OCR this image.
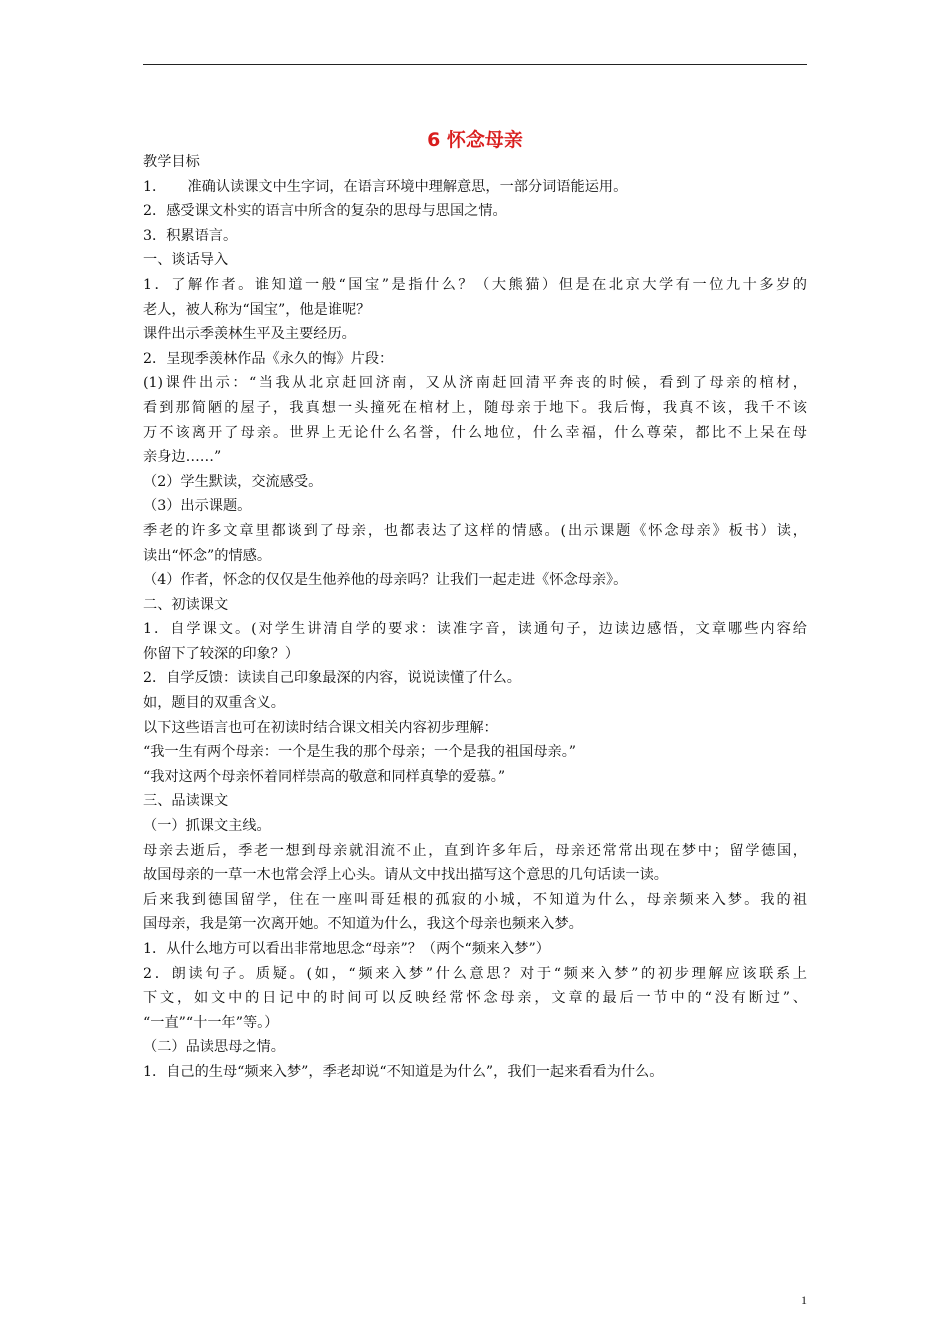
6 怀念母亲
教学目标
1．　　准确认读课文中生字词，在语言环境中理解意思，一部分词语能运用。
2．感受课文朴实的语言中所含的复杂的思母与思国之情。
3．积累语言。
一、谈话导入
1．了解作者。谁知道一般“国宝”是指什么？（大熊猫）但是在北京大学有一位九十多岁的
老人，被人称为“国宝”，他是谁呢？
课件出示季羡林生平及主要经历。
2．呈现季羡林作品《永久的悔》片段：
(1)课件出示：“当我从北京赶回济南，又从济南赶回清平奔丧的时候，看到了母亲的棺材，
看到那简陋的屋子，我真想一头撞死在棺材上，随母亲于地下。我后悔，我真不该，我千不该
万不该离开了母亲。世界上无论什么名誉，什么地位，什么幸福，什么尊荣，都比不上呆在母
亲身边……”
（2）学生默读，交流感受。
（3）出示课题。
季老的许多文章里都谈到了母亲，也都表达了这样的情感。(出示课题《怀念母亲》板书）读，
读出“怀念”的情感。
（4）作者，怀念的仅仅是生他养他的母亲吗？让我们一起走进《怀念母亲》。
二、初读课文
1．自学课文。(对学生讲清自学的要求：读准字音，读通句子，边读边感悟，文章哪些内容给
你留下了较深的印象？）
2．自学反馈：读读自己印象最深的内容，说说读懂了什么。
如，题目的双重含义。
以下这些语言也可在初读时结合课文相关内容初步理解：
“我一生有两个母亲：一个是生我的那个母亲；一个是我的祖国母亲。”
“我对这两个母亲怀着同样崇高的敬意和同样真挚的爱慕。”
三、品读课文
（一）抓课文主线。
母亲去逝后，季老一想到母亲就泪流不止，直到许多年后，母亲还常常出现在梦中；留学德国，
故国母亲的一草一木也常会浮上心头。请从文中找出描写这个意思的几句话读一读。
后来我到德国留学，住在一座叫哥廷根的孤寂的小城，不知道为什么，母亲频来入梦。我的祖
国母亲，我是第一次离开她。不知道为什么，我这个母亲也频来入梦。
1．从什么地方可以看出非常地思念“母亲”？（两个“频来入梦”）
2．朗读句子。质疑。(如，“频来入梦”什么意思？对于“频来入梦”的初步理解应该联系上
下文，如文中的日记中的时间可以反映经常怀念母亲，文章的最后一节中的“没有断过”、
“一直”“十一年”等。）
（二）品读思母之情。
1．自己的生母“频来入梦”，季老却说“不知道是为什么”，我们一起来看看为什么。
1
